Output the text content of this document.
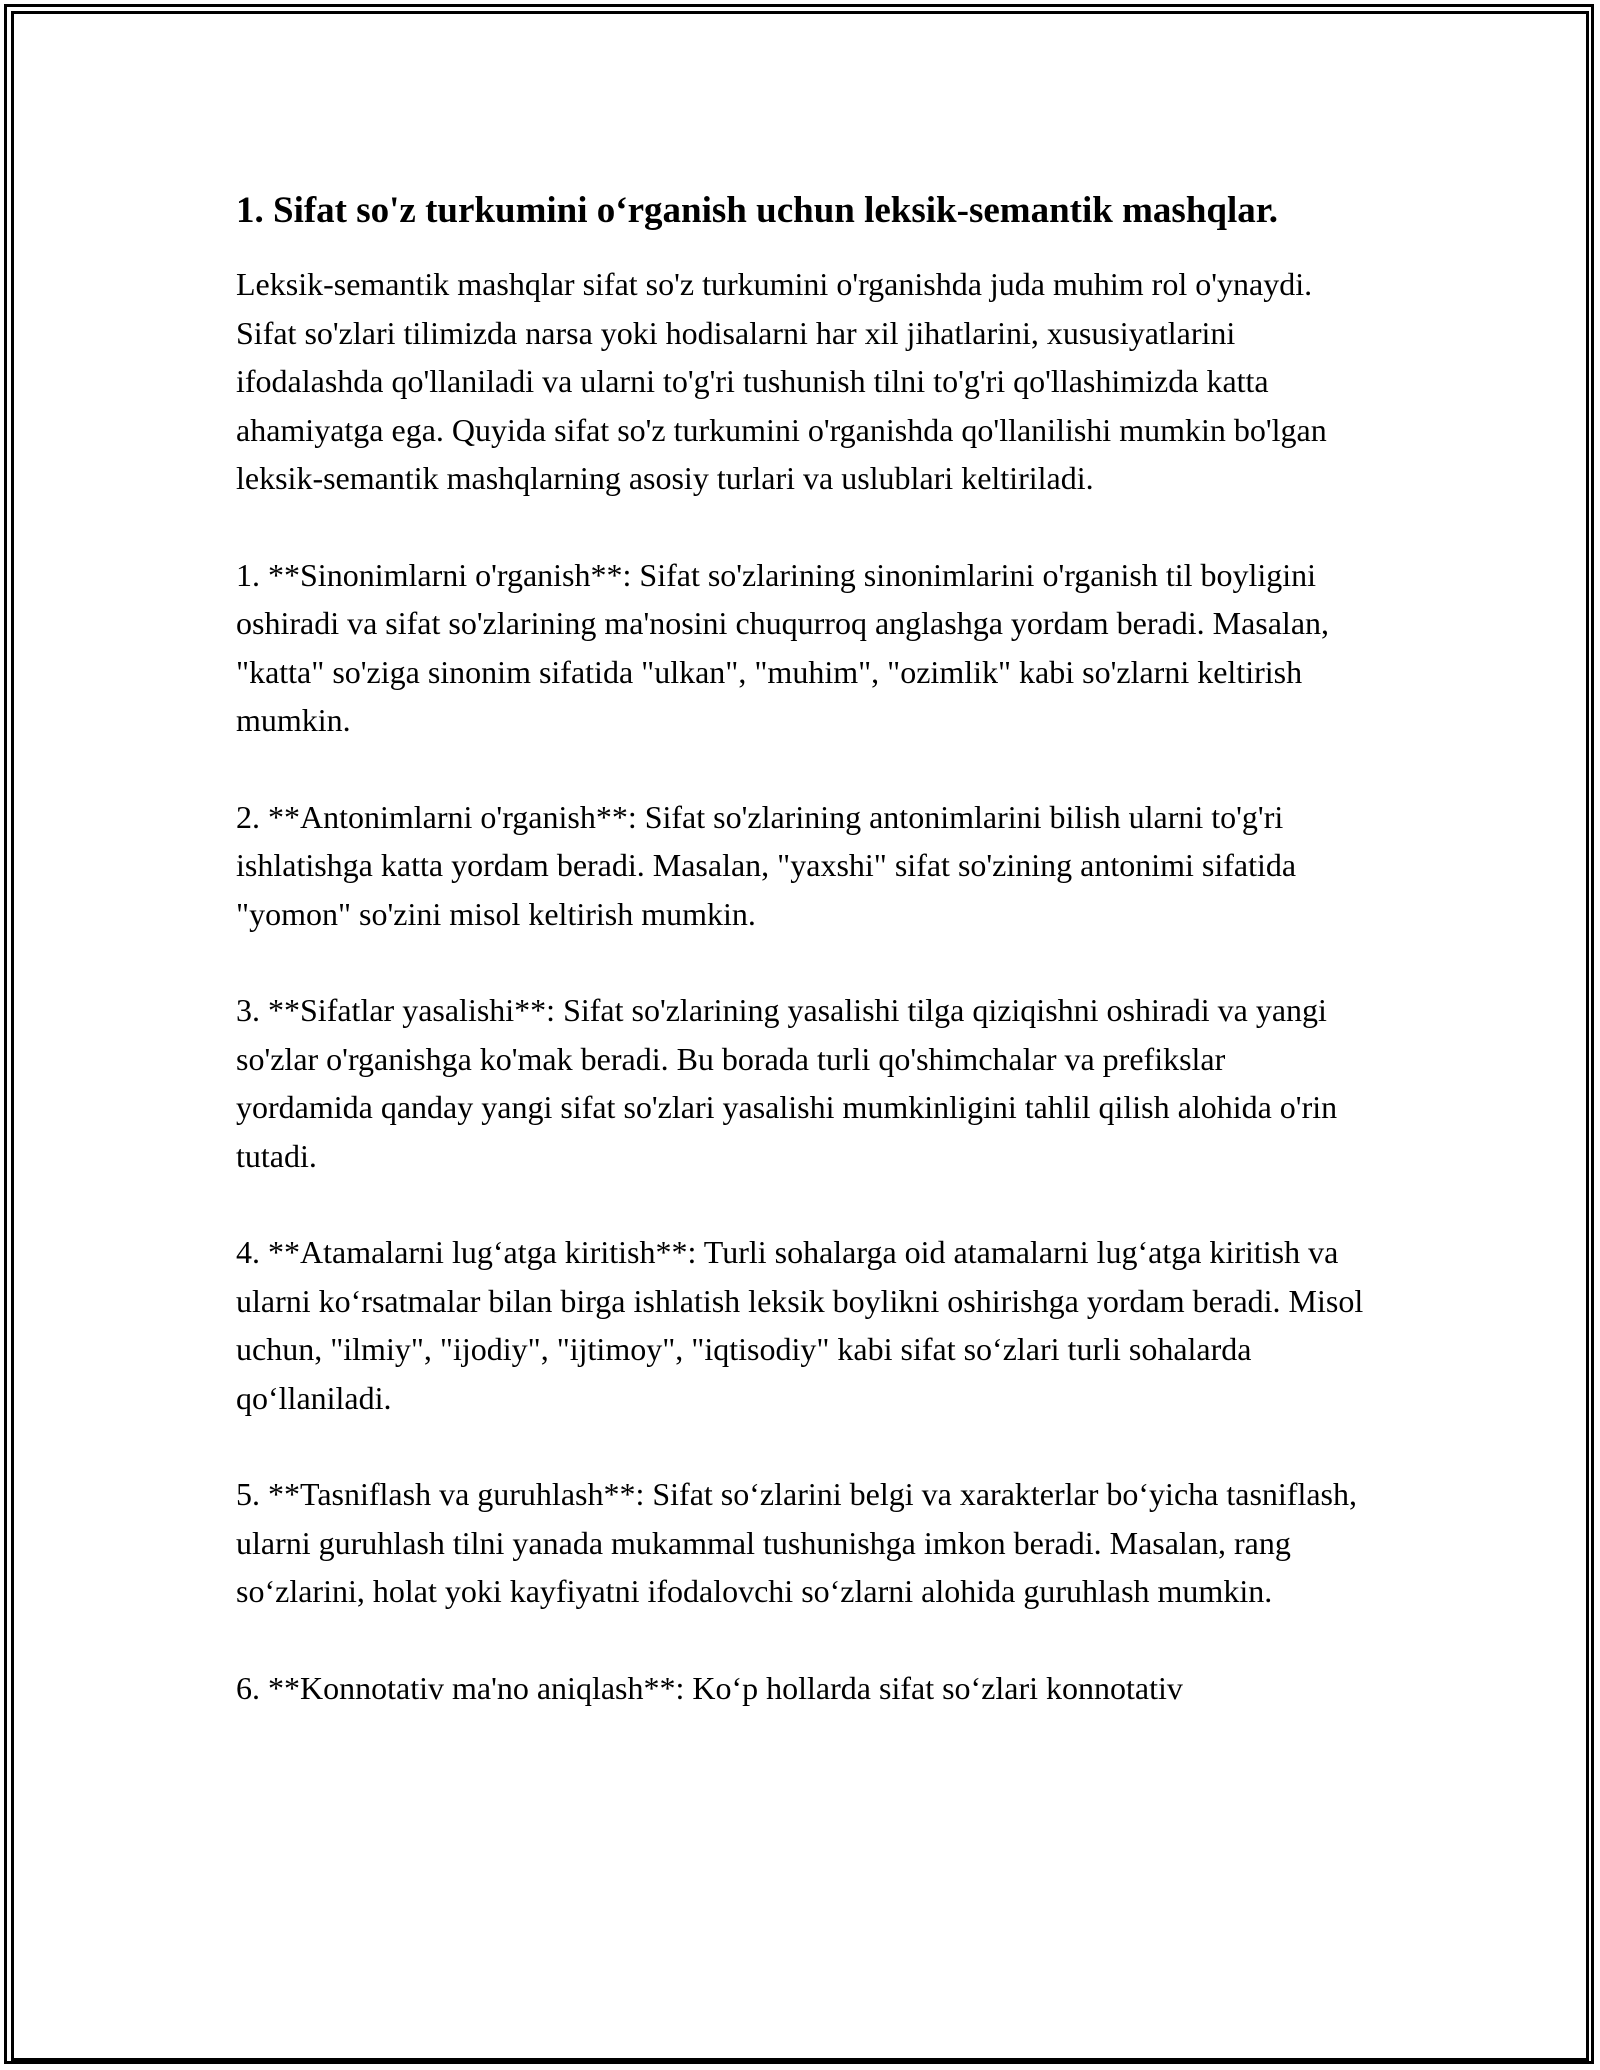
1. Sifat so'z turkumini o‘rganish uchun leksik-semantik mashqlar.

Leksik-semantik mashqlar sifat so'z turkumini o'rganishda juda muhim rol o'ynaydi. Sifat so'zlari tilimizda narsa yoki hodisalarni har xil jihatlarini, xususiyatlarini ifodalashda qo'llaniladi va ularni to'g'ri tushunish tilni to'g'ri qo'llashimizda katta ahamiyatga ega. Quyida sifat so'z turkumini o'rganishda qo'llanilishi mumkin bo'lgan leksik-semantik mashqlarning asosiy turlari va uslublari keltiriladi.

1. **Sinonimlarni o'rganish**: Sifat so'zlarining sinonimlarini o'rganish til boyligini oshiradi va sifat so'zlarining ma'nosini chuqurroq anglashga yordam beradi. Masalan, "katta" so'ziga sinonim sifatida "ulkan", "muhim", "ozimlik" kabi so'zlarni keltirish mumkin.

2. **Antonimlarni o'rganish**: Sifat so'zlarining antonimlarini bilish ularni to'g'ri ishlatishga katta yordam beradi. Masalan, "yaxshi" sifat so'zining antonimi sifatida "yomon" so'zini misol keltirish mumkin.

3. **Sifatlar yasalishi**: Sifat so'zlarining yasalishi tilga qiziqishni oshiradi va yangi so'zlar o'rganishga ko'mak beradi. Bu borada turli qo'shimchalar va prefikslar yordamida qanday yangi sifat so'zlari yasalishi mumkinligini tahlil qilish alohida o'rin tutadi.

4. **Atamalarni lug‘atga kiritish**: Turli sohalarga oid atamalarni lug‘atga kiritish va ularni ko‘rsatmalar bilan birga ishlatish leksik boylikni oshirishga yordam beradi. Misol uchun, "ilmiy", "ijodiy", "ijtimoy", "iqtisodiy" kabi sifat so‘zlari turli sohalarda qo‘llaniladi.

5. **Tasniflash va guruhlash**: Sifat so‘zlarini belgi va xarakterlar bo‘yicha tasniflash, ularni guruhlash tilni yanada mukammal tushunishga imkon beradi. Masalan, rang so‘zlarini, holat yoki kayfiyatni ifodalovchi so‘zlarni alohida guruhlash mumkin.

6. **Konnotativ ma'no aniqlash**: Ko‘p hollarda sifat so‘zlari konnotativ
